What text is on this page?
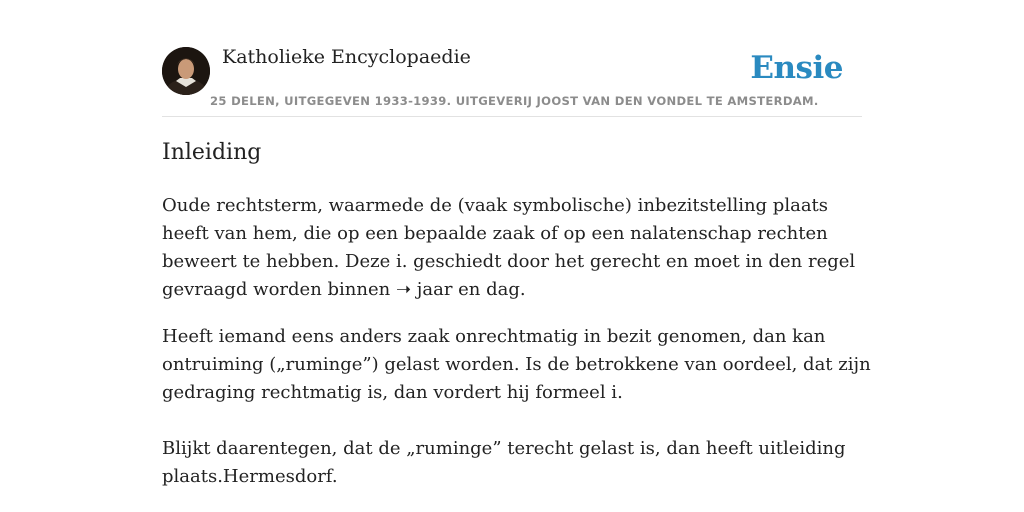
Katholieke Encyclopaedie	Ensie
25 DELEN, UITGEGEVEN 1933-1939. UITGEVERIJ JOOST VAN DEN VONDEL TE AMSTERDAM.
Inleiding

Oude rechtsterm, waarmede de (vaak symbolische) inbezitstelling plaats heeft van hem, die op een bepaalde zaak of op een nalatenschap rechten beweert te hebben. Deze i. geschiedt door het gerecht en moet in den regel gevraagd worden binnen ➝ jaar en dag.

Heeft iemand eens anders zaak onrechtmatig in bezit genomen, dan kan ontruiming („ruminge”) gelast worden. Is de betrokkene van oordeel, dat zijn gedraging rechtmatig is, dan vordert hij formeel i.

Blijkt daarentegen, dat de „ruminge” terecht gelast is, dan heeft uitleiding plaats.Hermesdorf.
